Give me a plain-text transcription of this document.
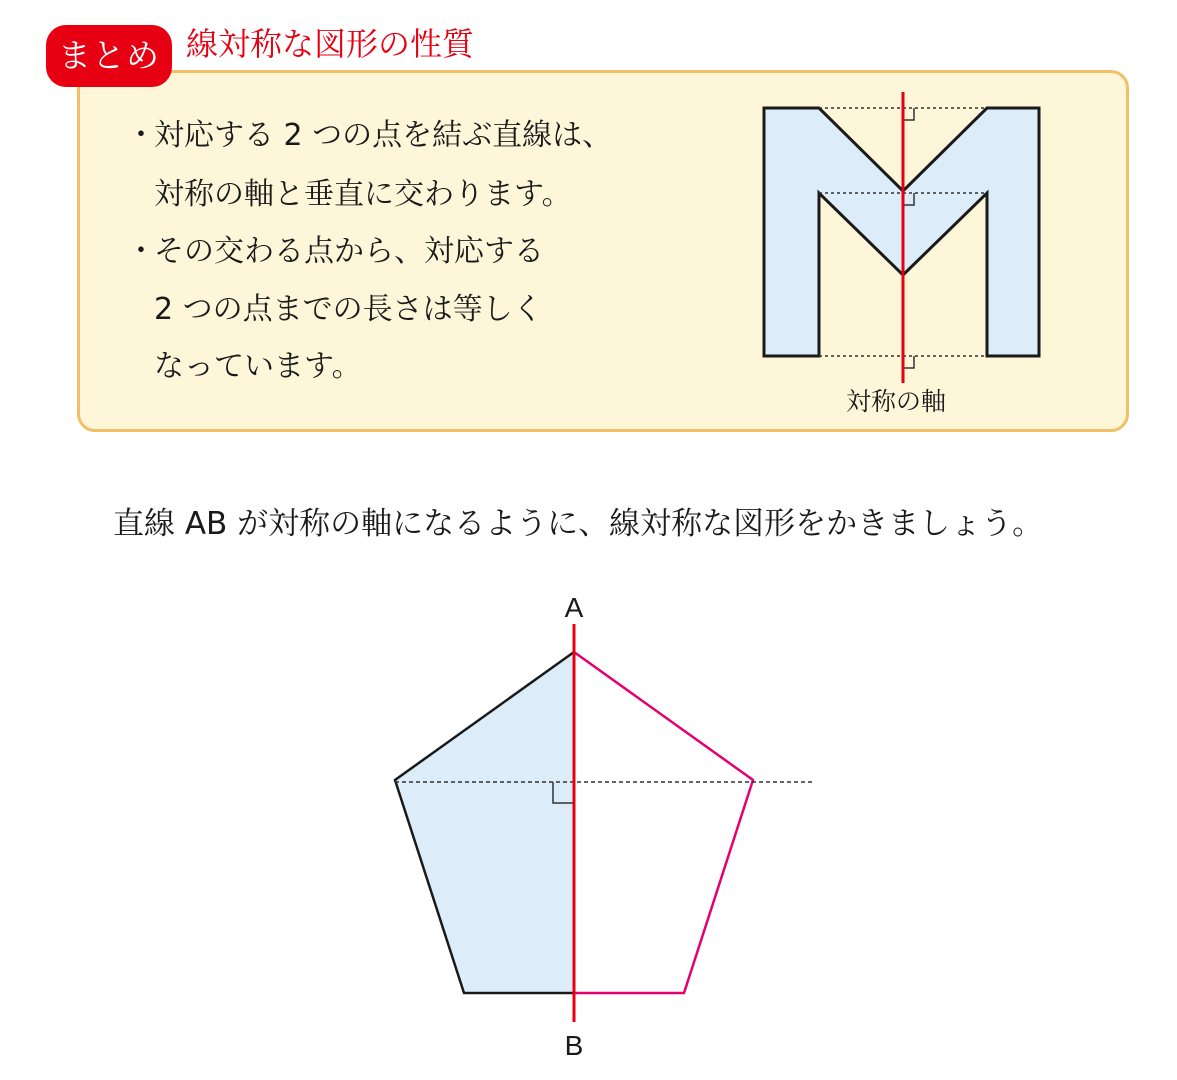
まとめ 線対称な図形の性質
・
対応する 2 つの点を結ぶ直線は、
対称の軸と垂直に交わります。
・
その交わる点から、対応する
2 つの点までの長さは等しく
なっています。
対称の軸
直線 AB が対称の軸になるように、線対称な図形をかきましょう。
A
B
